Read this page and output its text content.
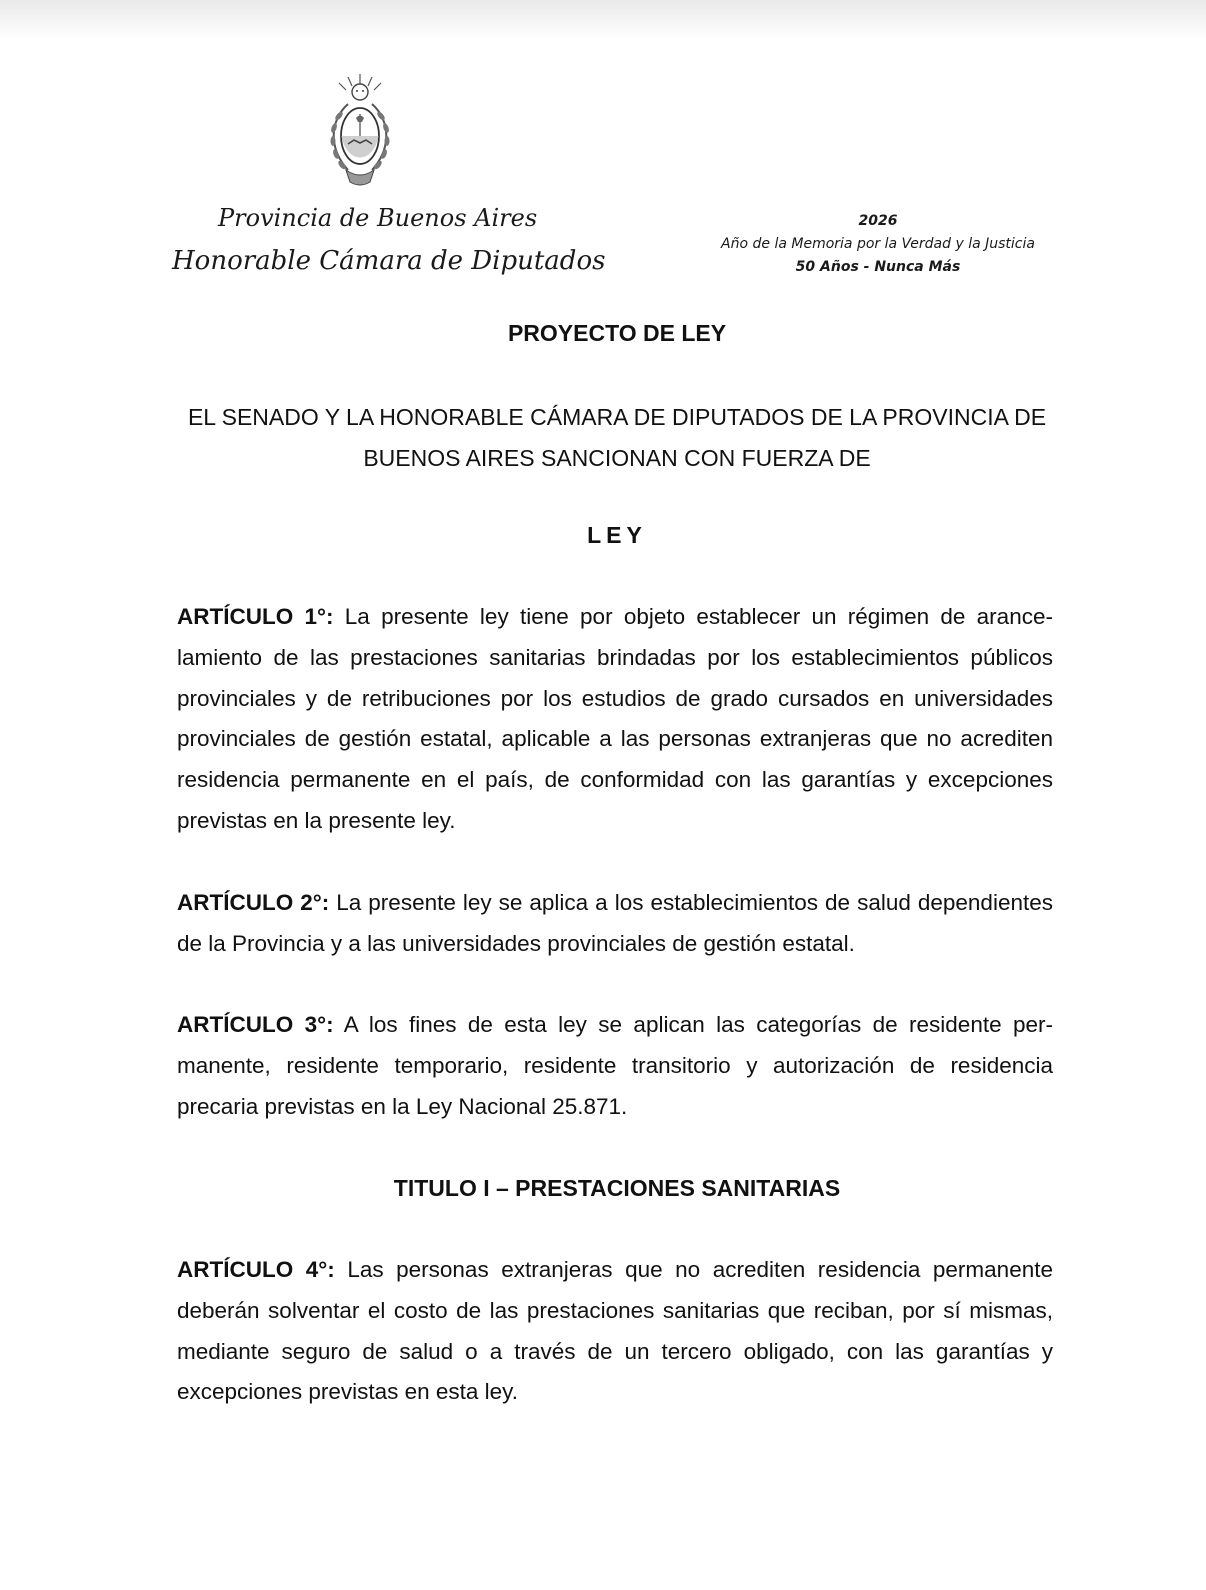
Provincia de Buenos Aires
Honorable Cámara de Diputados
2026
Año de la Memoria por la Verdad y la Justicia
50 Años - Nunca Más
PROYECTO DE LEY
EL SENADO Y LA HONORABLE CÁMARA DE DIPUTADOS DE LA PROVINCIA DE BUENOS AIRES SANCIONAN CON FUERZA DE
LEY
ARTÍCULO 1°: La presente ley tiene por objeto establecer un régimen de arancelamiento de las prestaciones sanitarias brindadas por los establecimientos públicos provinciales y de retribuciones por los estudios de grado cursados en universidades provinciales de gestión estatal, aplicable a las personas extranjeras que no acrediten residencia permanente en el país, de conformidad con las garantías y excepciones previstas en la presente ley.
ARTÍCULO 2°: La presente ley se aplica a los establecimientos de salud dependientes de la Provincia y a las universidades provinciales de gestión estatal.
ARTÍCULO 3°: A los fines de esta ley se aplican las categorías de residente permanente, residente temporario, residente transitorio y autorización de residencia precaria previstas en la Ley Nacional 25.871.
TITULO I – PRESTACIONES SANITARIAS
ARTÍCULO 4°: Las personas extranjeras que no acrediten residencia permanente deberán solventar el costo de las prestaciones sanitarias que reciban, por sí mismas, mediante seguro de salud o a través de un tercero obligado, con las garantías y excepciones previstas en esta ley.
